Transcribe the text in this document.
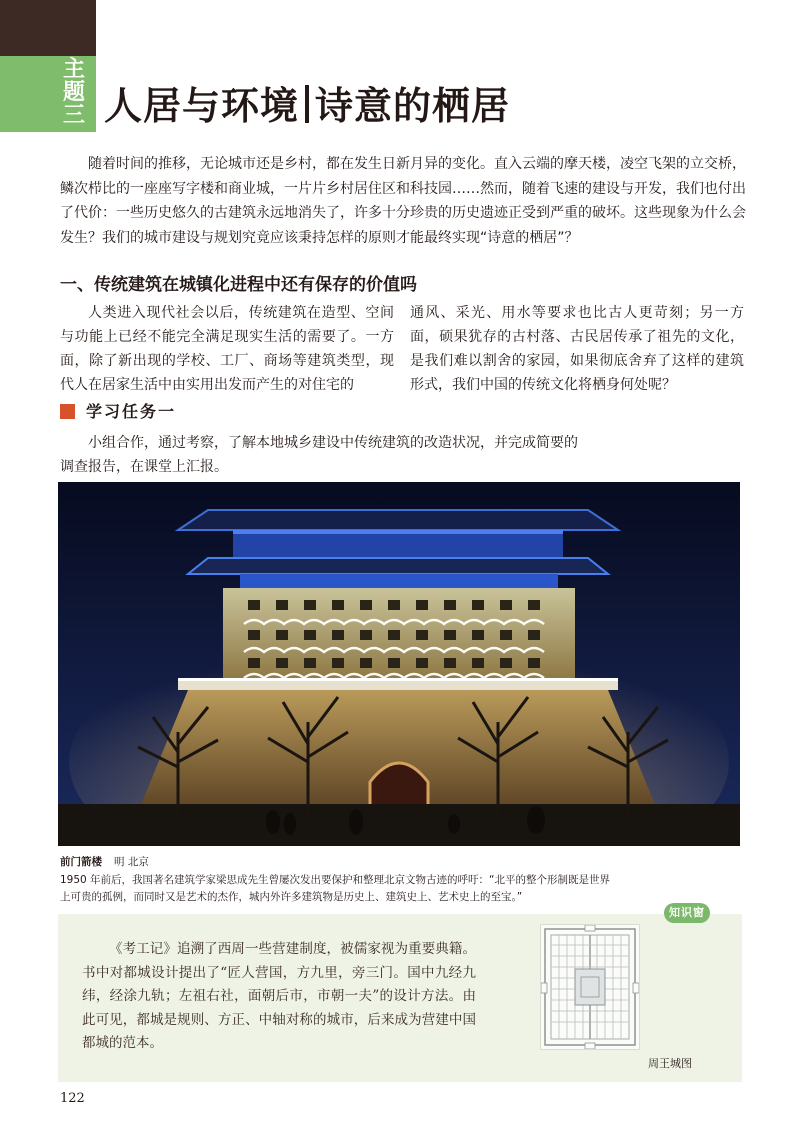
主题三 人居与环境 诗意的栖居

随着时间的推移，无论城市还是乡村，都在发生日新月异的变化。直入云端的摩天楼，凌空飞架的立交桥，鳞次栉比的一座座写字楼和商业城，一片片乡村居住区和科技园……然而，随着飞速的建设与开发，我们也付出了代价：一些历史悠久的古建筑永远地消失了，许多十分珍贵的历史遗迹正受到严重的破坏。这些现象为什么会发生？我们的城市建设与规划究竟应该秉持怎样的原则才能最终实现“诗意的栖居”？

一、传统建筑在城镇化进程中还有保存的价值吗

人类进入现代社会以后，传统建筑在造型、空间与功能上已经不能完全满足现实生活的需要了。一方面，除了新出现的学校、工厂、商场等建筑类型，现代人在居家生活中由实用出发而产生的对住宅的

通风、采光、用水等要求也比古人更苛刻；另一方面，硕果犹存的古村落、古民居传承了祖先的文化，是我们难以割舍的家园，如果彻底舍弃了这样的建筑形式，我们中国的传统文化将栖身何处呢？

学习任务一

小组合作，通过考察，了解本地城乡建设中传统建筑的改造状况，并完成简要的调查报告，在课堂上汇报。

前门箭楼 明 北京

1950 年前后，我国著名建筑学家梁思成先生曾屡次发出要保护和整理北京文物古迹的呼吁：“北平的整个形制既是世界上可贵的孤例，而同时又是艺术的杰作，城内外许多建筑物是历史上、建筑史上、艺术史上的至宝。”

知识窗

《考工记》追溯了西周一些营建制度，被儒家视为重要典籍。书中对都城设计提出了“匠人营国，方九里，旁三门。国中九经九纬，经涂九轨；左祖右社，面朝后市，市朝一夫”的设计方法。由此可见，都城是规则、方正、中轴对称的城市，后来成为营建中国都城的范本。

周王城图
122
